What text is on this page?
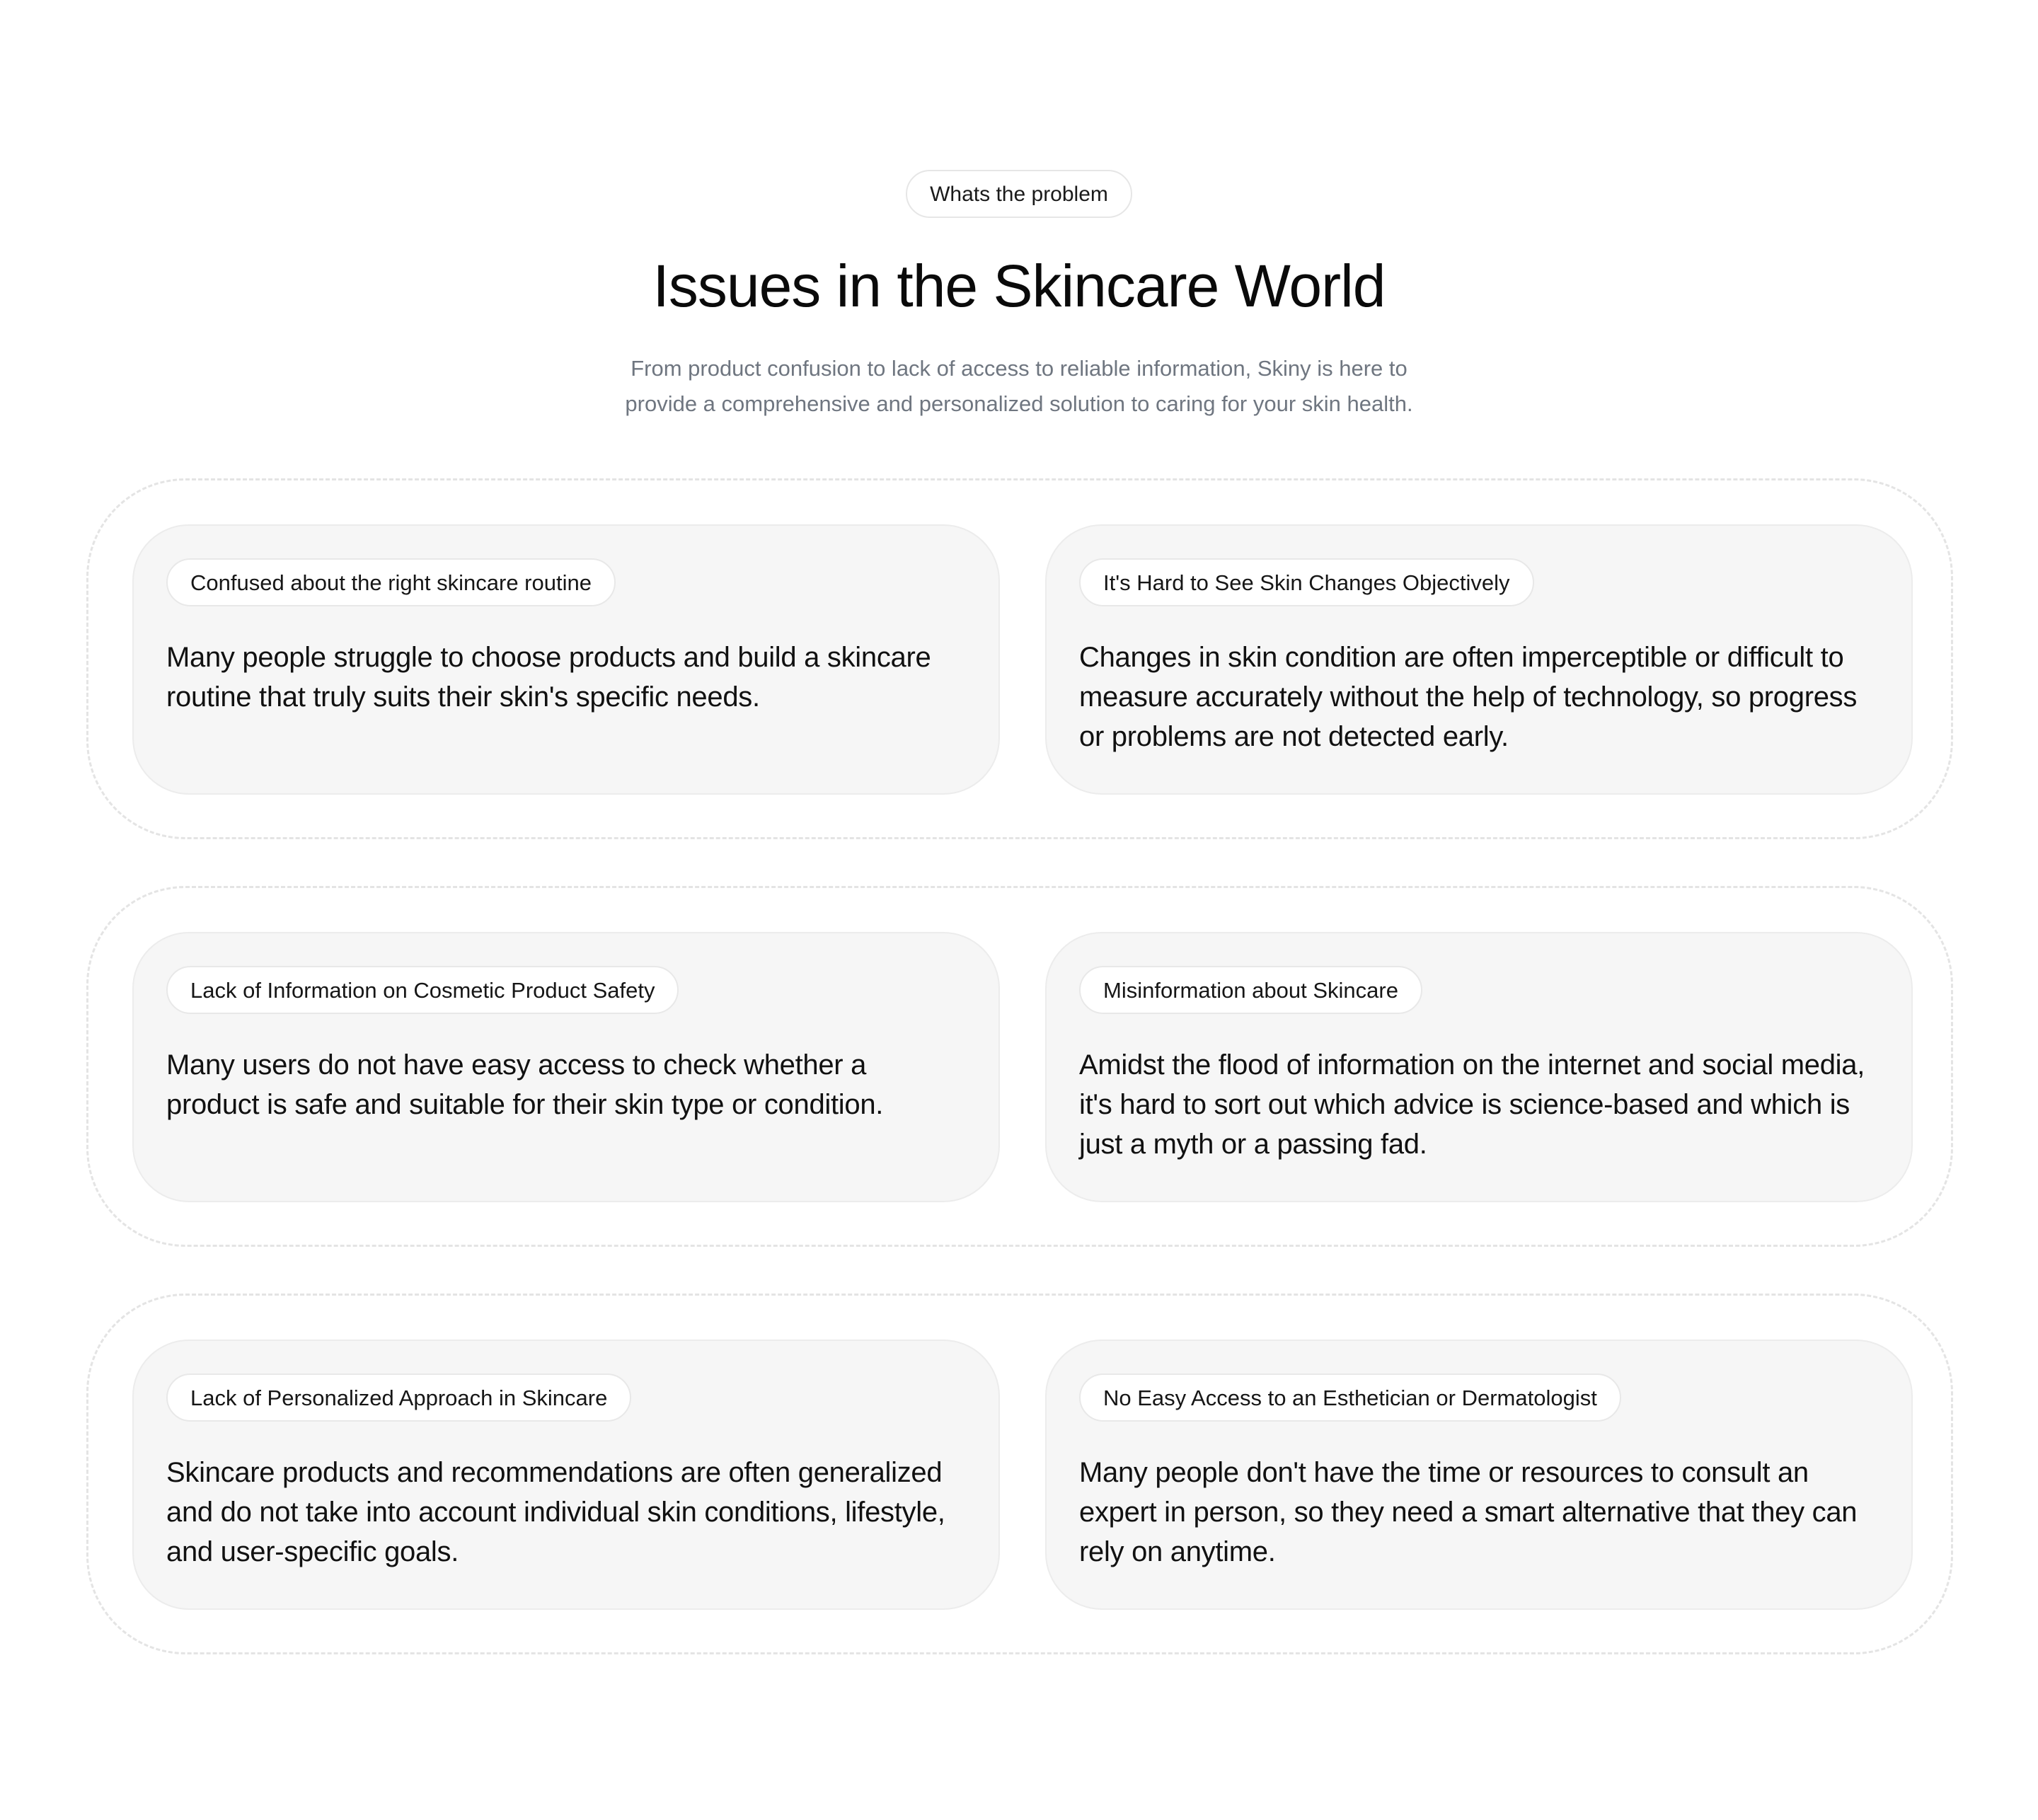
Whats the problem
Issues in the Skincare World

From product confusion to lack of access to reliable information, Skiny is here to provide a comprehensive and personalized solution to caring for your skin health.

Confused about the right skincare routine
Many people struggle to choose products and build a skincare routine that truly suits their skin's specific needs.
It's Hard to See Skin Changes Objectively
Changes in skin condition are often imperceptible or difficult to measure accurately without the help of technology, so progress or problems are not detected early.
Lack of Information on Cosmetic Product Safety
Many users do not have easy access to check whether a product is safe and suitable for their skin type or condition.
Misinformation about Skincare
Amidst the flood of information on the internet and social media, it's hard to sort out which advice is science-based and which is just a myth or a passing fad.
Lack of Personalized Approach in Skincare
Skincare products and recommendations are often generalized and do not take into account individual skin conditions, lifestyle, and user-specific goals.
No Easy Access to an Esthetician or Dermatologist
Many people don't have the time or resources to consult an expert in person, so they need a smart alternative that they can rely on anytime.
